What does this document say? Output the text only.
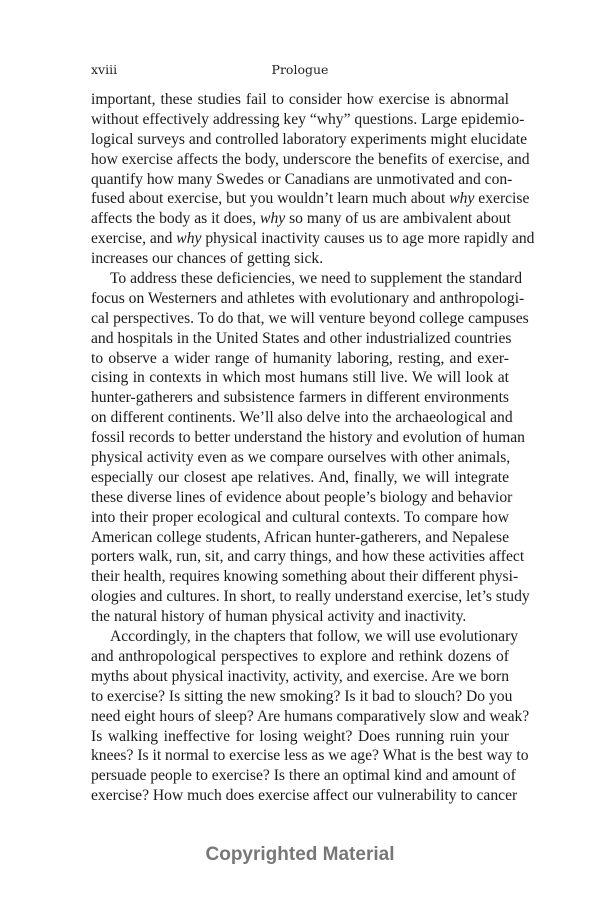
xviii	Prologue
important, these studies fail to consider how exercise is abnormal
without effectively addressing key “why” questions. Large epidemio-
logical surveys and controlled laboratory experiments might elucidate
how exercise affects the body, underscore the benefits of exercise, and
quantify how many Swedes or Canadians are unmotivated and con-
fused about exercise, but you wouldn’t learn much about why exercise
affects the body as it does, why so many of us are ambivalent about
exercise, and why physical inactivity causes us to age more rapidly and
increases our chances of getting sick.
To address these deficiencies, we need to supplement the standard
focus on Westerners and athletes with evolutionary and anthropologi-
cal perspectives. To do that, we will venture beyond college campuses
and hospitals in the United States and other industrialized countries
to observe a wider range of humanity laboring, resting, and exer-
cising in contexts in which most humans still live. We will look at
hunter-gatherers and subsistence farmers in different environments
on different continents. We’ll also delve into the archaeological and
fossil records to better understand the history and evolution of human
physical activity even as we compare ourselves with other animals,
especially our closest ape relatives. And, finally, we will integrate
these diverse lines of evidence about people’s biology and behavior
into their proper ecological and cultural contexts. To compare how
American college students, African hunter-gatherers, and Nepalese
porters walk, run, sit, and carry things, and how these activities affect
their health, requires knowing something about their different physi-
ologies and cultures. In short, to really understand exercise, let’s study
the natural history of human physical activity and inactivity.
Accordingly, in the chapters that follow, we will use evolutionary
and anthropological perspectives to explore and rethink dozens of
myths about physical inactivity, activity, and exercise. Are we born
to exercise? Is sitting the new smoking? Is it bad to slouch? Do you
need eight hours of sleep? Are humans comparatively slow and weak?
Is walking ineffective for losing weight? Does running ruin your
knees? Is it normal to exercise less as we age? What is the best way to
persuade people to exercise? Is there an optimal kind and amount of
exercise? How much does exercise affect our vulnerability to cancer
Copyrighted Material
